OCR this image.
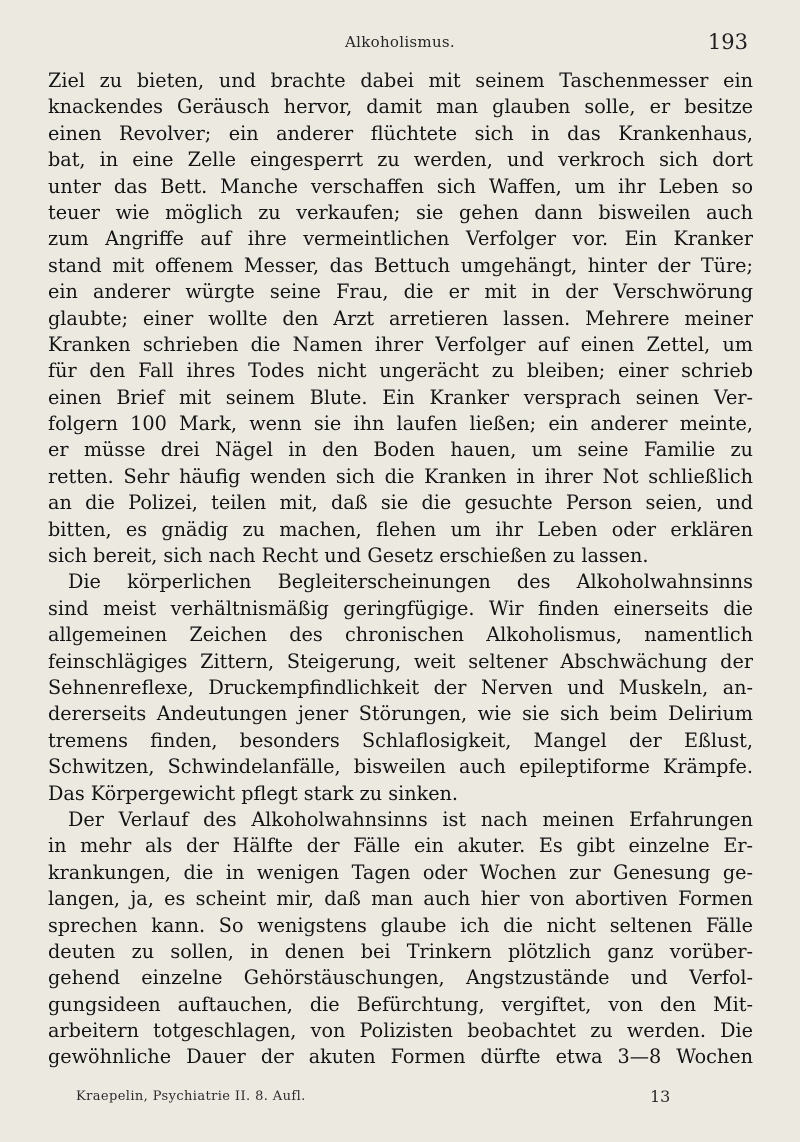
Alkoholismus.	193
Ziel zu bieten, und brachte dabei mit seinem Taschenmesser ein
knackendes Geräusch hervor, damit man glauben solle, er besitze
einen Revolver; ein anderer flüchtete sich in das Krankenhaus,
bat, in eine Zelle eingesperrt zu werden, und verkroch sich dort
unter das Bett. Manche verschaffen sich Waffen, um ihr Leben so
teuer wie möglich zu verkaufen; sie gehen dann bisweilen auch
zum Angriffe auf ihre vermeintlichen Verfolger vor. Ein Kranker
stand mit offenem Messer, das Bettuch umgehängt, hinter der Türe;
ein anderer würgte seine Frau, die er mit in der Verschwörung
glaubte; einer wollte den Arzt arretieren lassen. Mehrere meiner
Kranken schrieben die Namen ihrer Verfolger auf einen Zettel, um
für den Fall ihres Todes nicht ungerächt zu bleiben; einer schrieb
einen Brief mit seinem Blute. Ein Kranker versprach seinen Ver-
folgern 100 Mark, wenn sie ihn laufen ließen; ein anderer meinte,
er müsse drei Nägel in den Boden hauen, um seine Familie zu
retten. Sehr häufig wenden sich die Kranken in ihrer Not schließlich
an die Polizei, teilen mit, daß sie die gesuchte Person seien, und
bitten, es gnädig zu machen, flehen um ihr Leben oder erklären
sich bereit, sich nach Recht und Gesetz erschießen zu lassen.
Die körperlichen Begleiterscheinungen des Alkoholwahnsinns
sind meist verhältnismäßig geringfügige. Wir finden einerseits die
allgemeinen Zeichen des chronischen Alkoholismus, namentlich
feinschlägiges Zittern, Steigerung, weit seltener Abschwächung der
Sehnenreflexe, Druckempfindlichkeit der Nerven und Muskeln, an-
dererseits Andeutungen jener Störungen, wie sie sich beim Delirium
tremens finden, besonders Schlaflosigkeit, Mangel der Eßlust,
Schwitzen, Schwindelanfälle, bisweilen auch epileptiforme Krämpfe.
Das Körpergewicht pflegt stark zu sinken.
Der Verlauf des Alkoholwahnsinns ist nach meinen Erfahrungen
in mehr als der Hälfte der Fälle ein akuter. Es gibt einzelne Er-
krankungen, die in wenigen Tagen oder Wochen zur Genesung ge-
langen, ja, es scheint mir, daß man auch hier von abortiven Formen
sprechen kann. So wenigstens glaube ich die nicht seltenen Fälle
deuten zu sollen, in denen bei Trinkern plötzlich ganz vorüber-
gehend einzelne Gehörstäuschungen, Angstzustände und Verfol-
gungsideen auftauchen, die Befürchtung, vergiftet, von den Mit-
arbeitern totgeschlagen, von Polizisten beobachtet zu werden. Die
gewöhnliche Dauer der akuten Formen dürfte etwa 3—8 Wochen
Kraepelin, Psychiatrie II. 8. Aufl.	13
